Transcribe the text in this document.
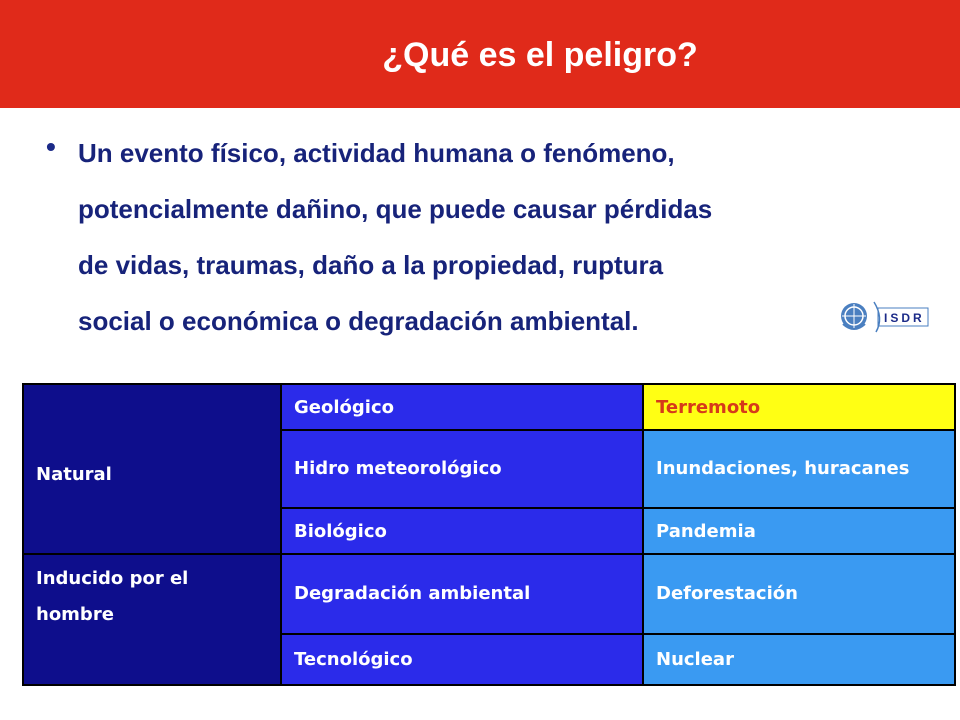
¿Qué es el peligro?
• Un evento físico, actividad humana o fenómeno,
potencialmente dañino, que puede causar pérdidas
de vidas, traumas, daño a la propiedad, ruptura
social o económica o degradación ambiental.	ISDR
Natural	Geológico	Terremoto
	Hidro meteorológico	Inundaciones, huracanes
	Biológico	Pandemia
Inducido por el hombre	Degradación ambiental	Deforestación
	Tecnológico	Nuclear
